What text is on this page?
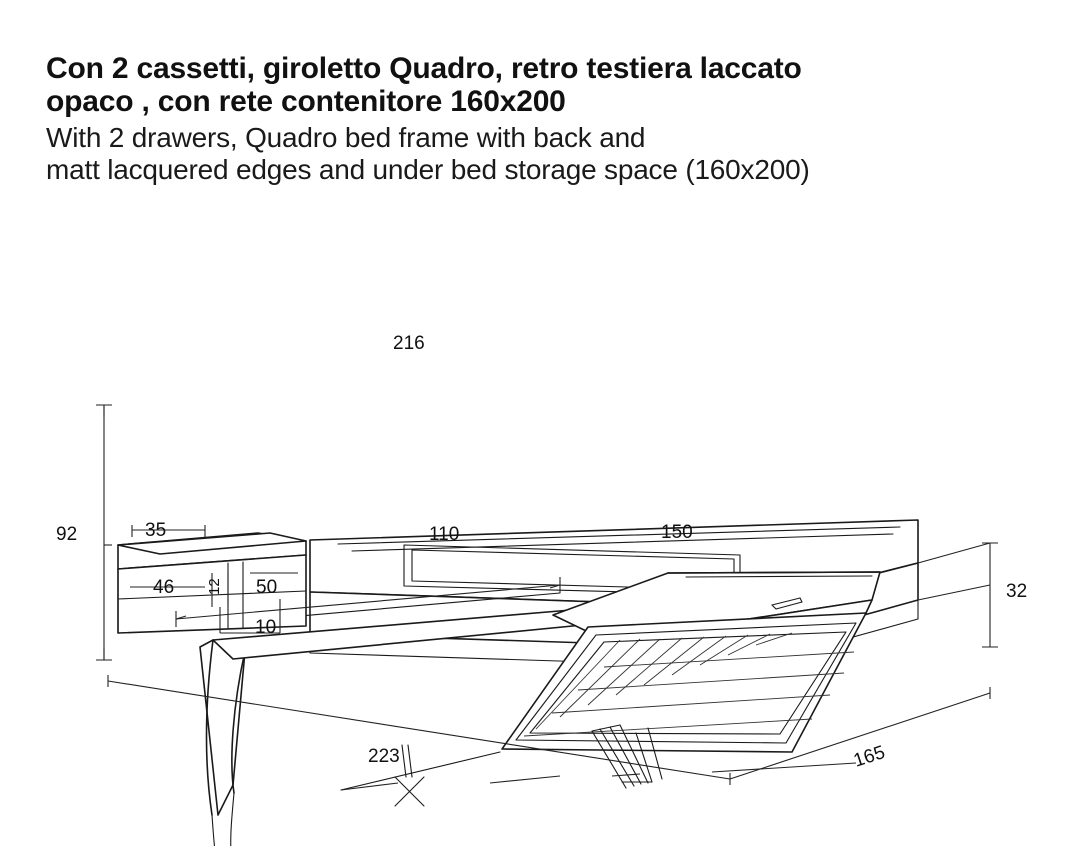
Con 2 cassetti, giroletto Quadro, retro testiera laccato
opaco , con rete contenitore 160x200
With 2 drawers, Quadro bed frame with back and
matt lacquered edges and under bed storage space (160x200)
216
92	35
46 12 50
10
110	150
32
223	165
